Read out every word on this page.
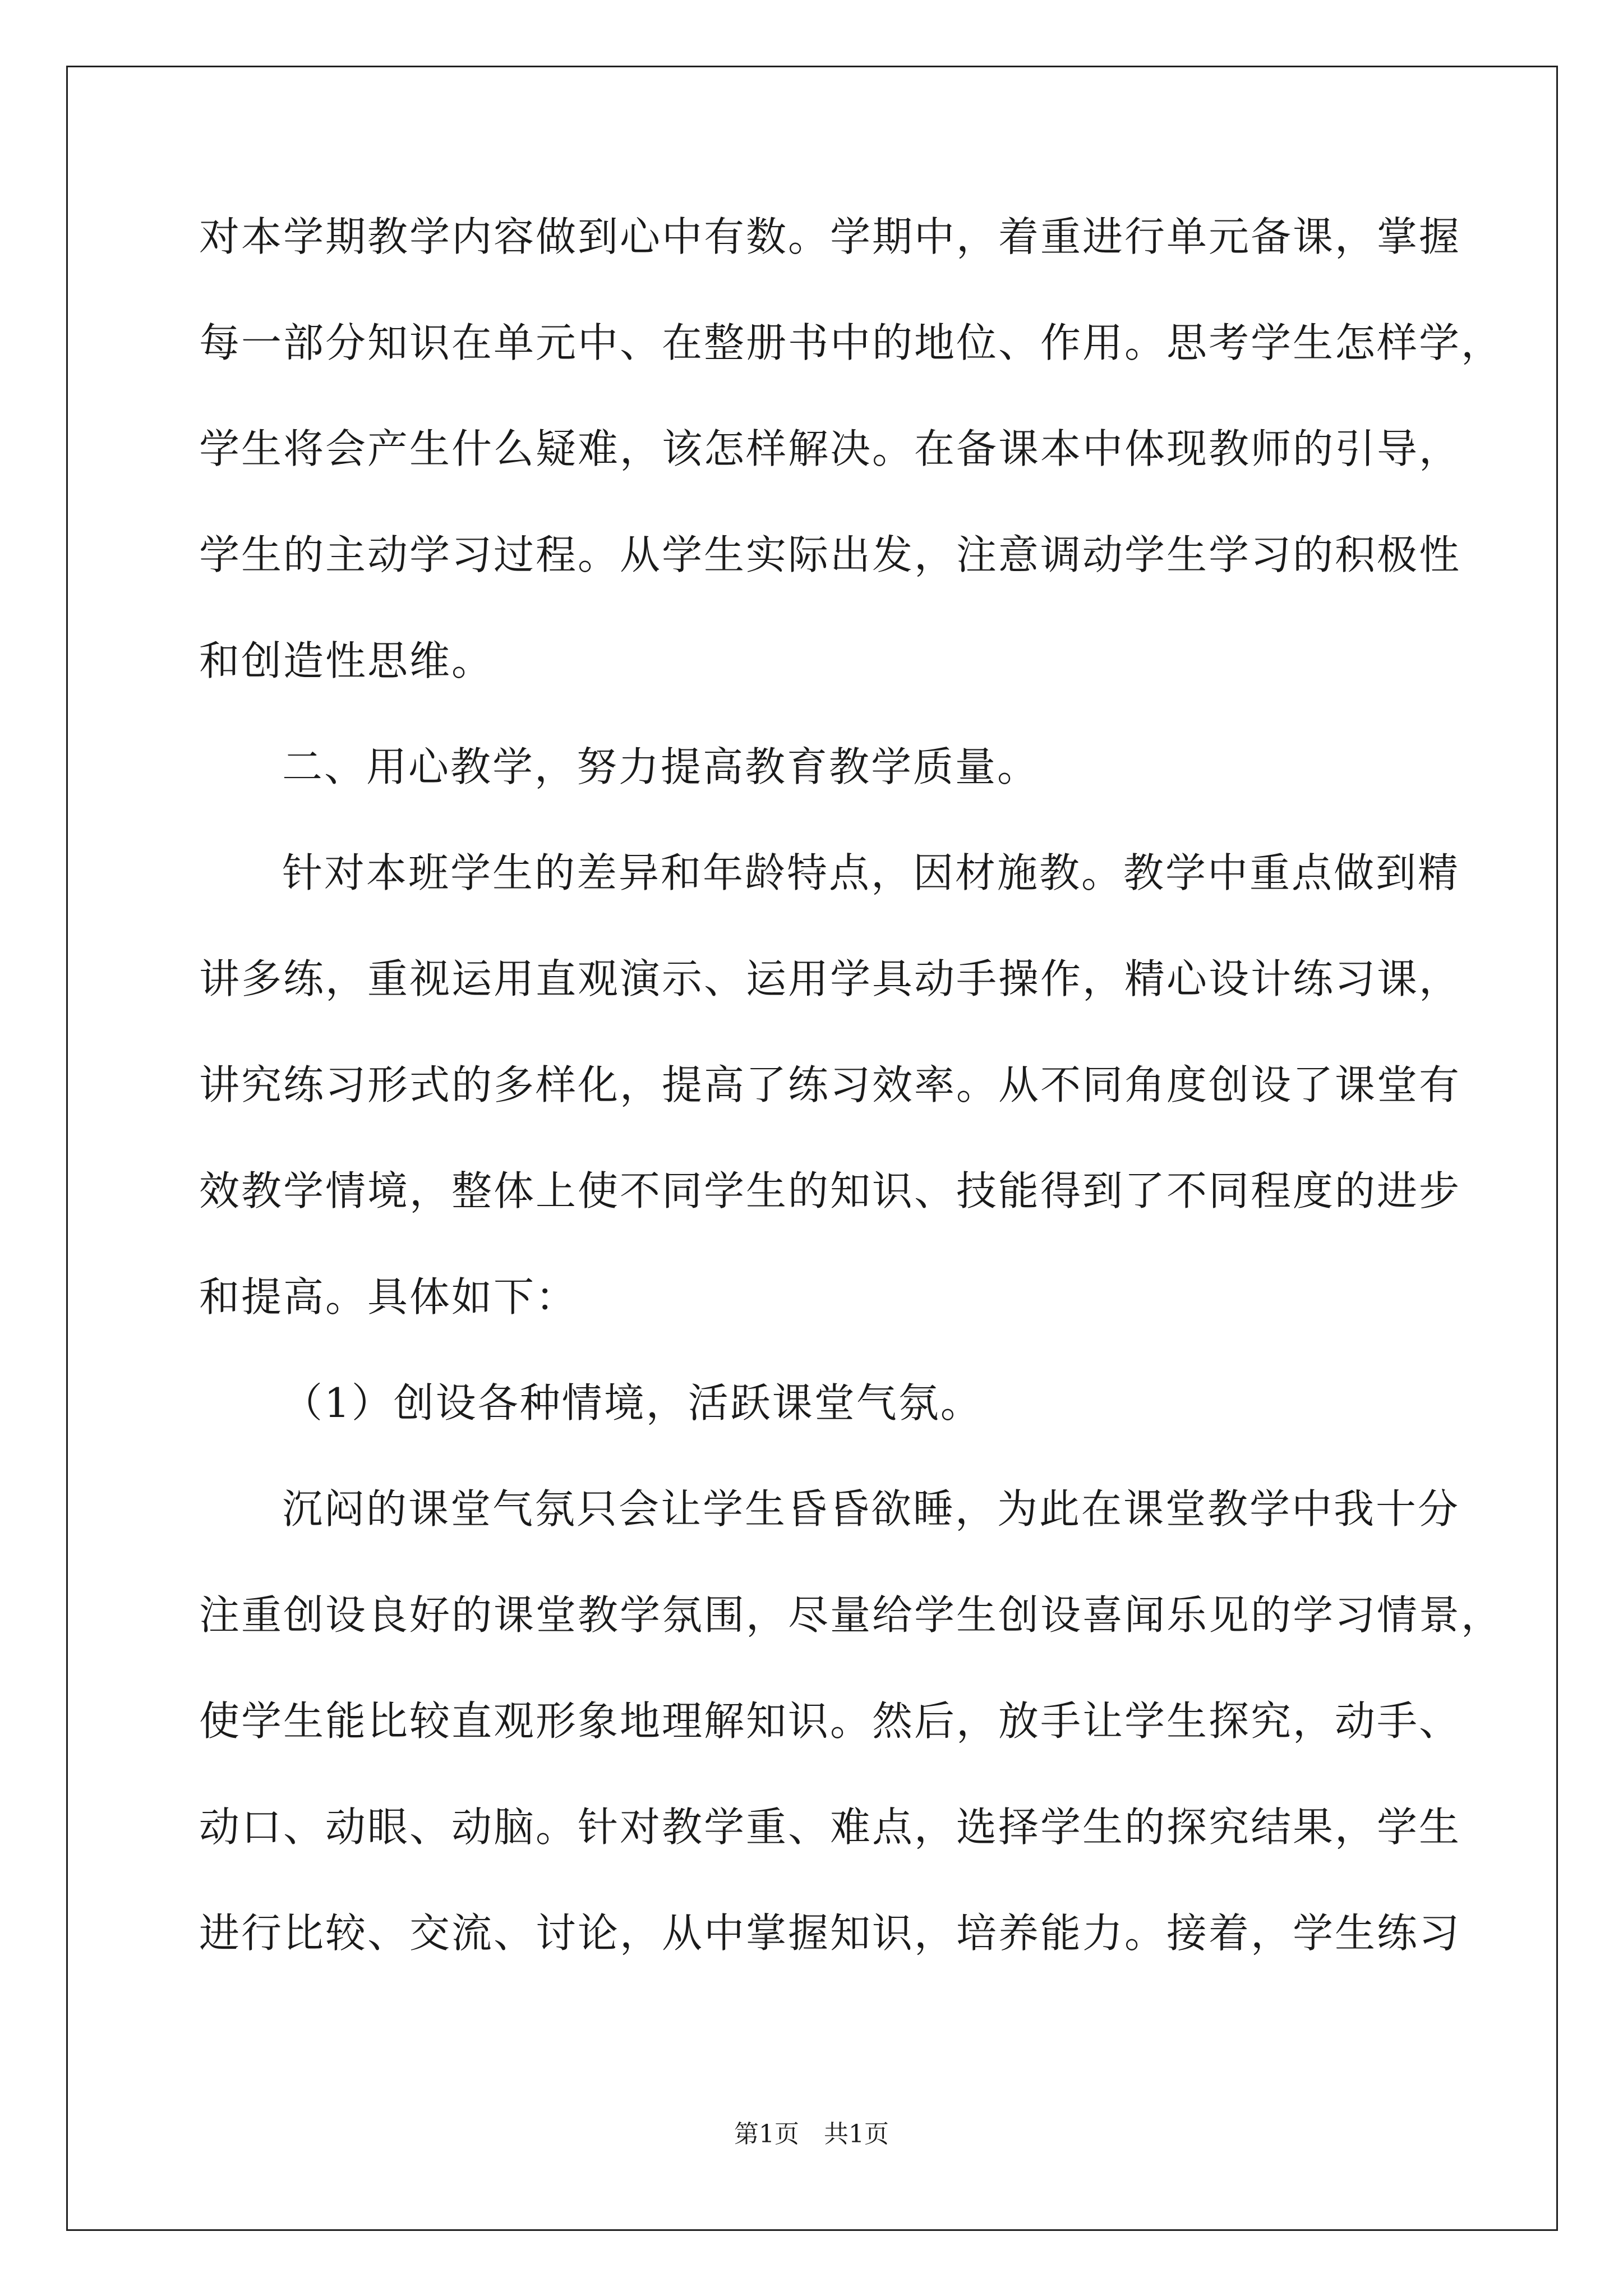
对本学期教学内容做到心中有数。学期中，着重进行单元备课，掌握
每一部分知识在单元中、在整册书中的地位、作用。思考学生怎样学，
学生将会产生什么疑难，该怎样解决。在备课本中体现教师的引导，
学生的主动学习过程。从学生实际出发，注意调动学生学习的积极性
和创造性思维。
二、用心教学，努力提高教育教学质量。
针对本班学生的差异和年龄特点，因材施教。教学中重点做到精
讲多练，重视运用直观演示、运用学具动手操作，精心设计练习课，
讲究练习形式的多样化，提高了练习效率。从不同角度创设了课堂有
效教学情境，整体上使不同学生的知识、技能得到了不同程度的进步
和提高。具体如下：
（1）创设各种情境，活跃课堂气氛。
沉闷的课堂气氛只会让学生昏昏欲睡，为此在课堂教学中我十分
注重创设良好的课堂教学氛围，尽量给学生创设喜闻乐见的学习情景，
使学生能比较直观形象地理解知识。然后，放手让学生探究，动手、
动口、动眼、动脑。针对教学重、难点，选择学生的探究结果，学生
进行比较、交流、讨论，从中掌握知识，培养能力。接着，学生练习
第1页　共1页
